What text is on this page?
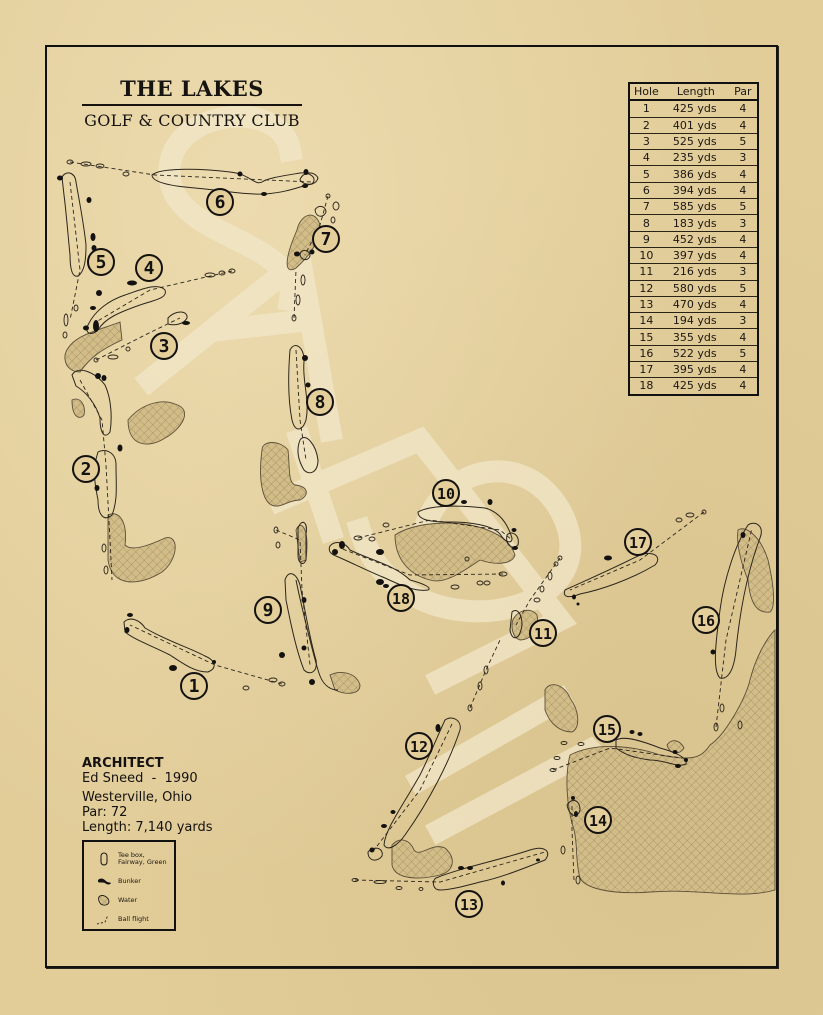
1
2
3
4
5
6
7
8
9
10
11
12
13
14
15
16
17
18
THE LAKES
GOLF & COUNTRY CLUB
Hole	Length	Par
1	425 yds	4
2	401 yds	4
3	525 yds	5
4	235 yds	3
5	386 yds	4
6	394 yds	4
7	585 yds	5
8	183 yds	3
9	452 yds	4
10	397 yds	4
11	216 yds	3
12	580 yds	5
13	470 yds	4
14	194 yds	3
15	355 yds	4
16	522 yds	5
17	395 yds	4
18	425 yds	4
ARCHITECT
Ed Sneed  -  1990
Westerville, Ohio
Par: 72
Length: 7,140 yards
Tee box, Fairway, Green
Bunker
Water
Ball flight
